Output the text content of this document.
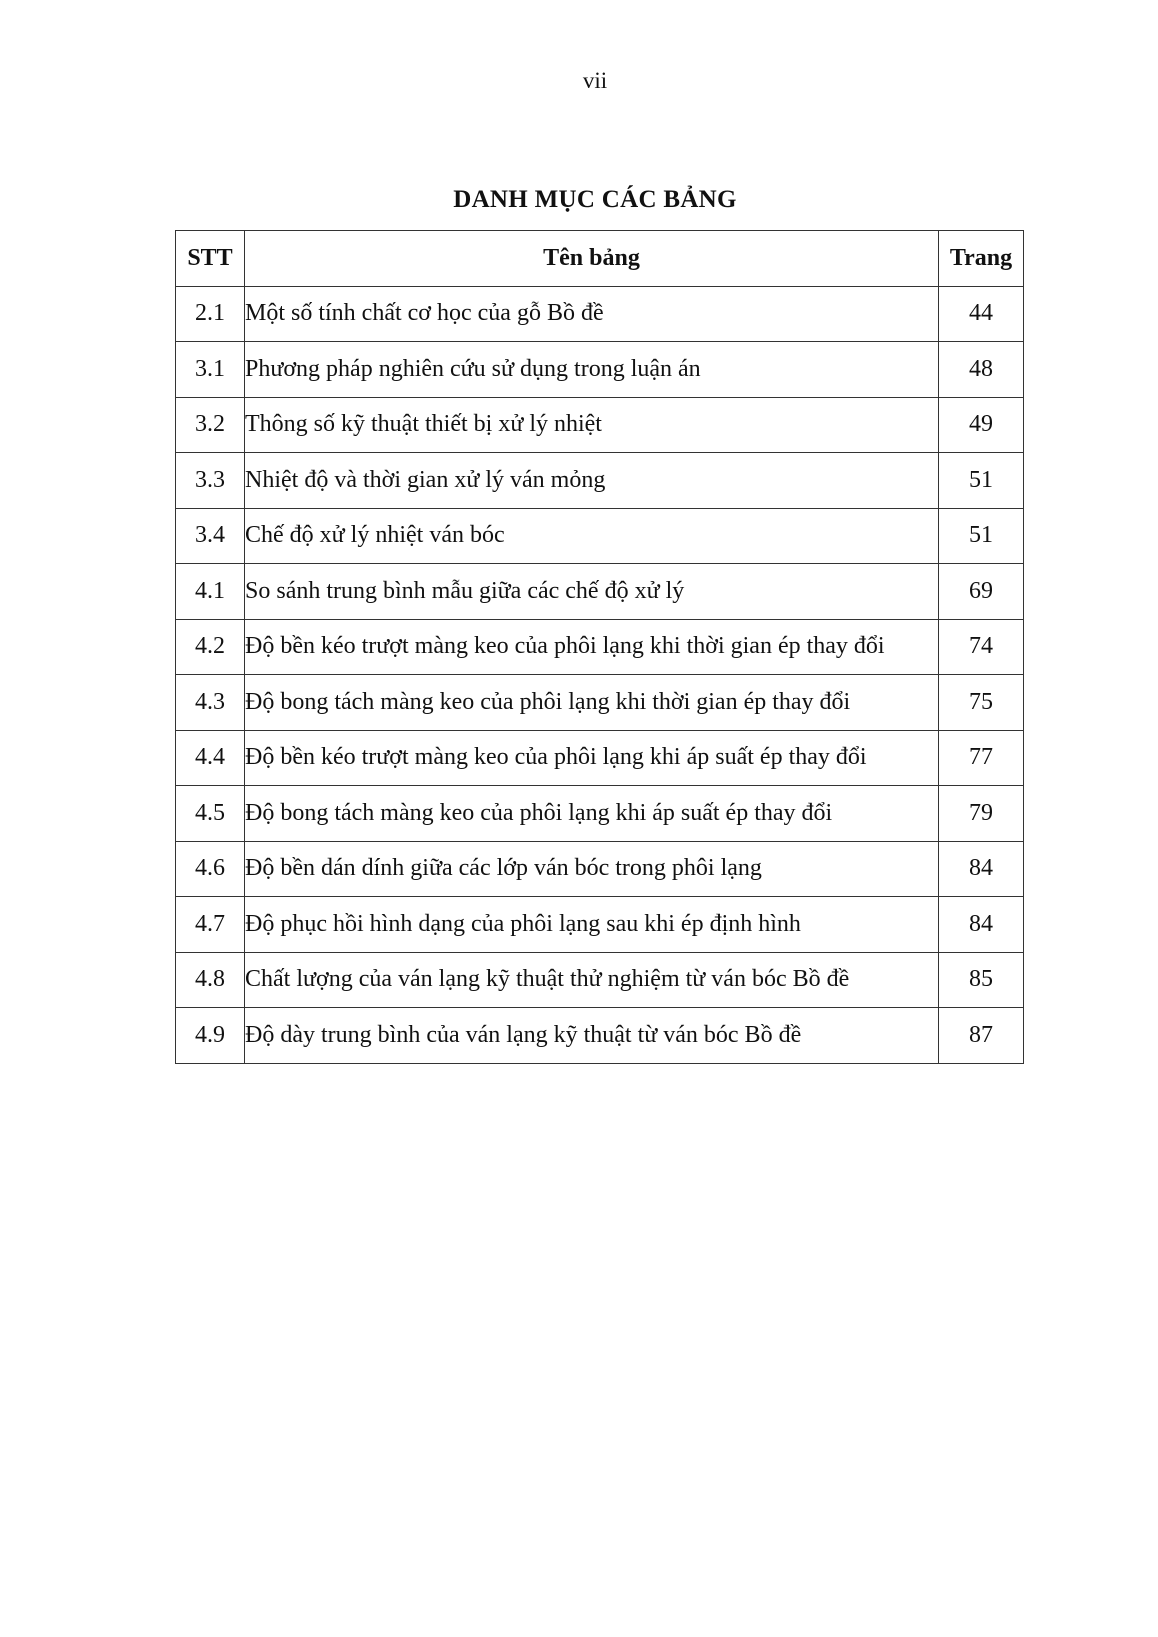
vii
DANH MỤC CÁC BẢNG
STT	Tên bảng	Trang
2.1	Một số tính chất cơ học của gỗ Bồ đề	44
3.1	Phương pháp nghiên cứu sử dụng trong luận án	48
3.2	Thông số kỹ thuật thiết bị xử lý nhiệt	49
3.3	Nhiệt độ và thời gian xử lý ván mỏng	51
3.4	Chế độ xử lý nhiệt ván bóc	51
4.1	So sánh trung bình mẫu giữa các chế độ xử lý	69
4.2	Độ bền kéo trượt màng keo của phôi lạng khi thời gian ép thay đổi	74
4.3	Độ bong tách màng keo của phôi lạng khi thời gian ép thay đổi	75
4.4	Độ bền kéo trượt màng keo của phôi lạng khi áp suất ép thay đổi	77
4.5	Độ bong tách màng keo của phôi lạng khi áp suất ép thay đổi	79
4.6	Độ bền dán dính giữa các lớp ván bóc trong phôi lạng	84
4.7	Độ phục hồi hình dạng của phôi lạng sau khi ép định hình	84
4.8	Chất lượng của ván lạng kỹ thuật thử nghiệm từ ván bóc Bồ đề	85
4.9	Độ dày trung bình của ván lạng kỹ thuật từ ván bóc Bồ đề	87
